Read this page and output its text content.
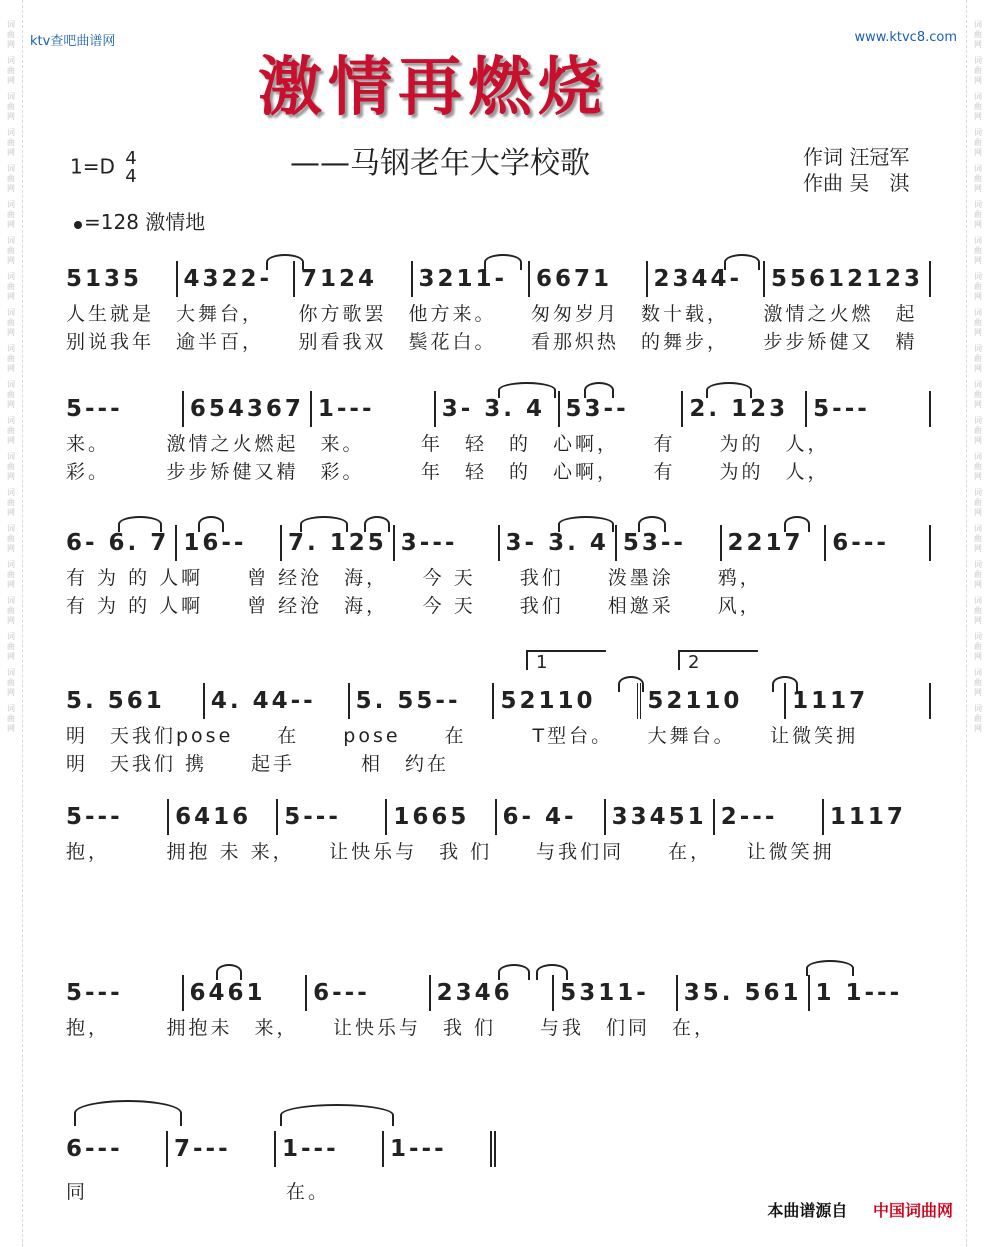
词曲网
词曲网
词曲网
词曲网
词曲网
词曲网
词曲网
词曲网
词曲网
词曲网
词曲网
词曲网
词曲网
词曲网
词曲网
词曲网
词曲网
词曲网
词曲网
词曲网
词曲网
词曲网
词曲网
词曲网
词曲网
词曲网
词曲网
词曲网
词曲网
词曲网
词曲网
词曲网
词曲网
词曲网
词曲网
词曲网
词曲网
词曲网
词曲网
词曲网
ktv查吧曲谱网	www.ktvc8.com
激情再燃烧
——马钢老年大学校歌
1=D 4
4
作词 汪冠军
作曲 吴　淇
=128 激情地
5135	4322-	7124	3211-	6671	2344-	55612123
人生就是　大舞台，　　你方歌罢　他方来。　　匆匆岁月　数十载，　　激情之火燃　起
别说我年　逾半百，　　别看我双　鬓花白。　　看那炽热　的舞步，　　步步矫健又　精
5---	654367 1---	3- 3. 4 53--	2. 123	5---
来。　　　激情之火燃起　来。　　　年　轻　的　心啊，　　有　　为的　人，
彩。　　　步步矫健又精　彩。　　　年　轻　的　心啊，　　有　　为的　人，
6- 6. 7 16--	7. 125 3---	3- 3. 4 53--	2217	6---
有 为 的 人啊　　曾 经沧　海，　　今 天　　我们　　泼墨涂　　鸦，
有 为 的 人啊　　曾 经沧　海，　　今 天　　我们　　相邀采　　风，
1	2
5. 561	4. 44--	5. 55--	52110	52110	1117
明　天我们pose　　在　　pose　　在　　　T型台。　　大舞台。　　让微笑拥
明　天我们 携　　起手　　　相　约在
5---	6416	5---	1665	6- 4-	33451 2---	1117
抱，　　　拥抱 未 来，　　让快乐与　我 们　　与我们同　　在，　　让微笑拥
5---	6461	6---	2346	5311-	35. 561 1 1---
抱，　　　拥抱未　来，　　让快乐与　我 们　　与我　们同　在，
6---	7---	1---	1---
同　　　　　　　　　在。
本曲谱源自 中国词曲网
